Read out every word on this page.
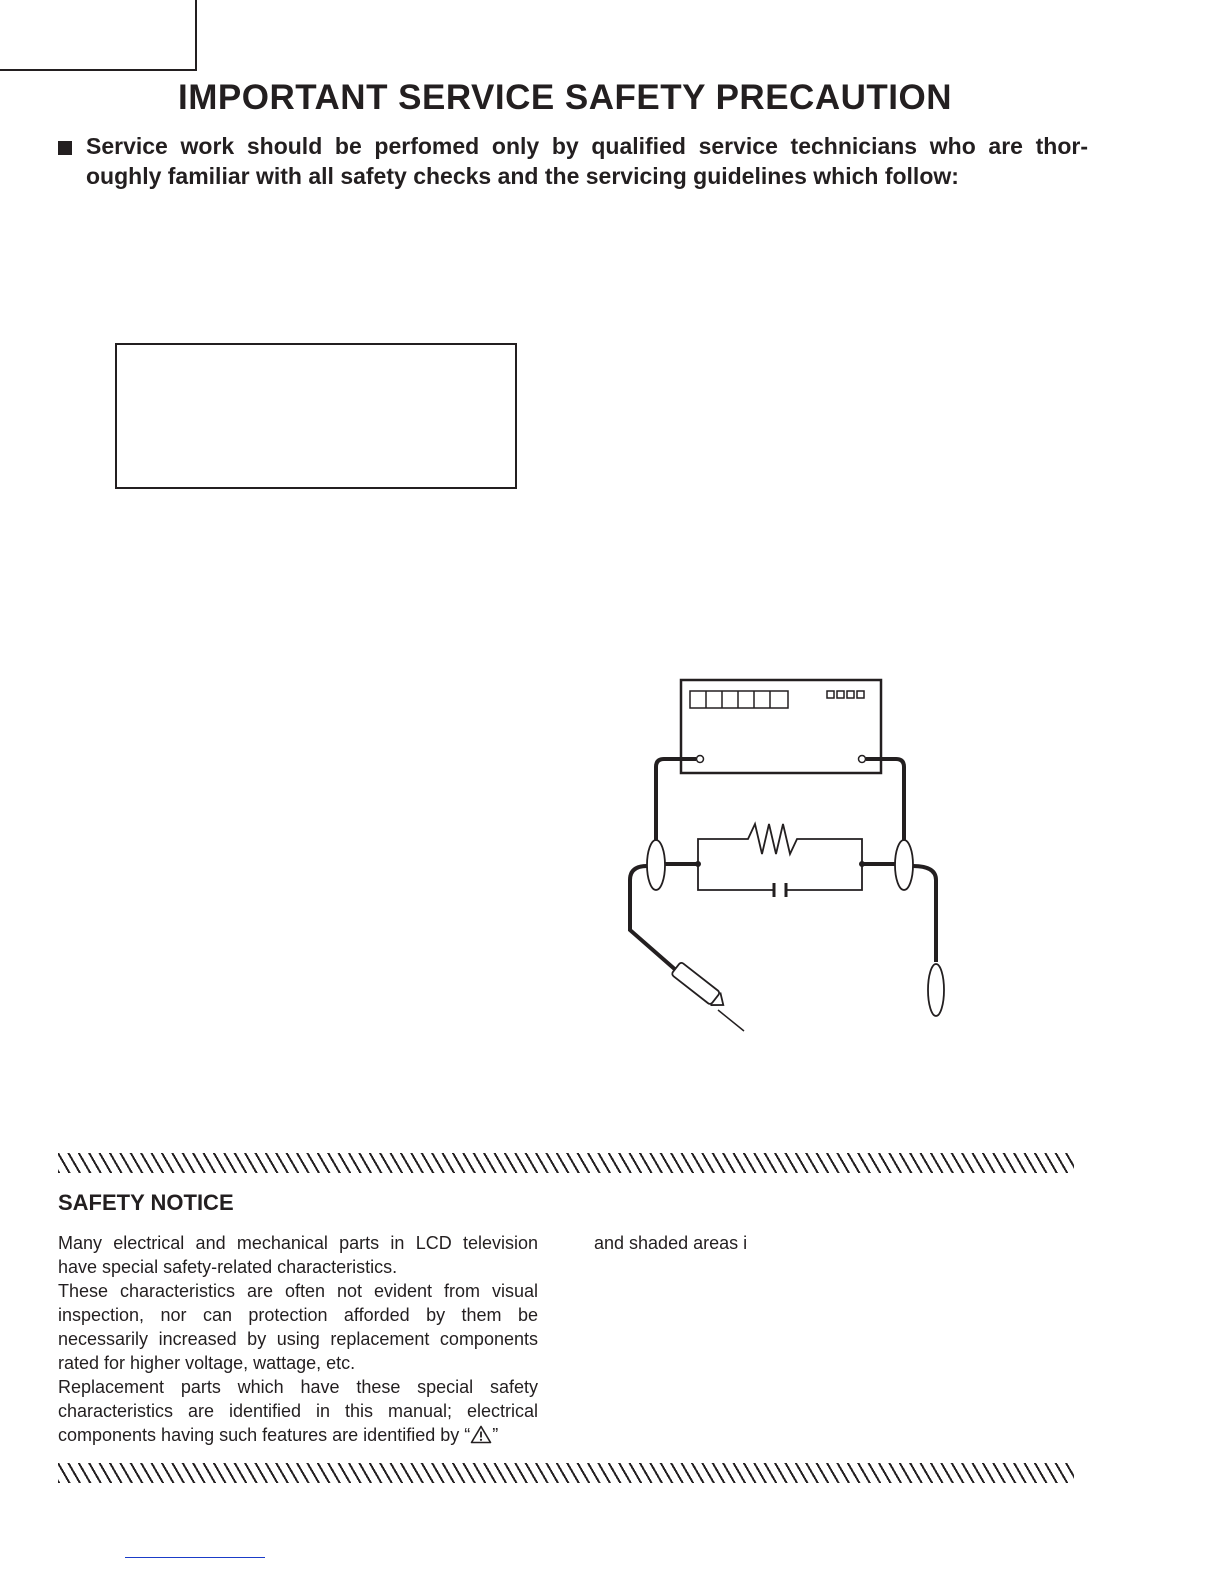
IMPORTANT SERVICE SAFETY PRECAUTION
Service work should be perfomed only by qualified service technicians who are thor- oughly familiar with all safety checks and the servicing guidelines which follow:
SAFETY NOTICE

Many electrical and mechanical parts in LCD television have special safety-related characteristics.

These characteristics are often not evident from visual inspection, nor can protection afforded by them be necessarily increased by using replacement components rated for higher voltage, wattage, etc.

Replacement parts which have these special safety characteristics are identified in this manual; electrical components having such features are identified by “ ”

and shaded areas i
